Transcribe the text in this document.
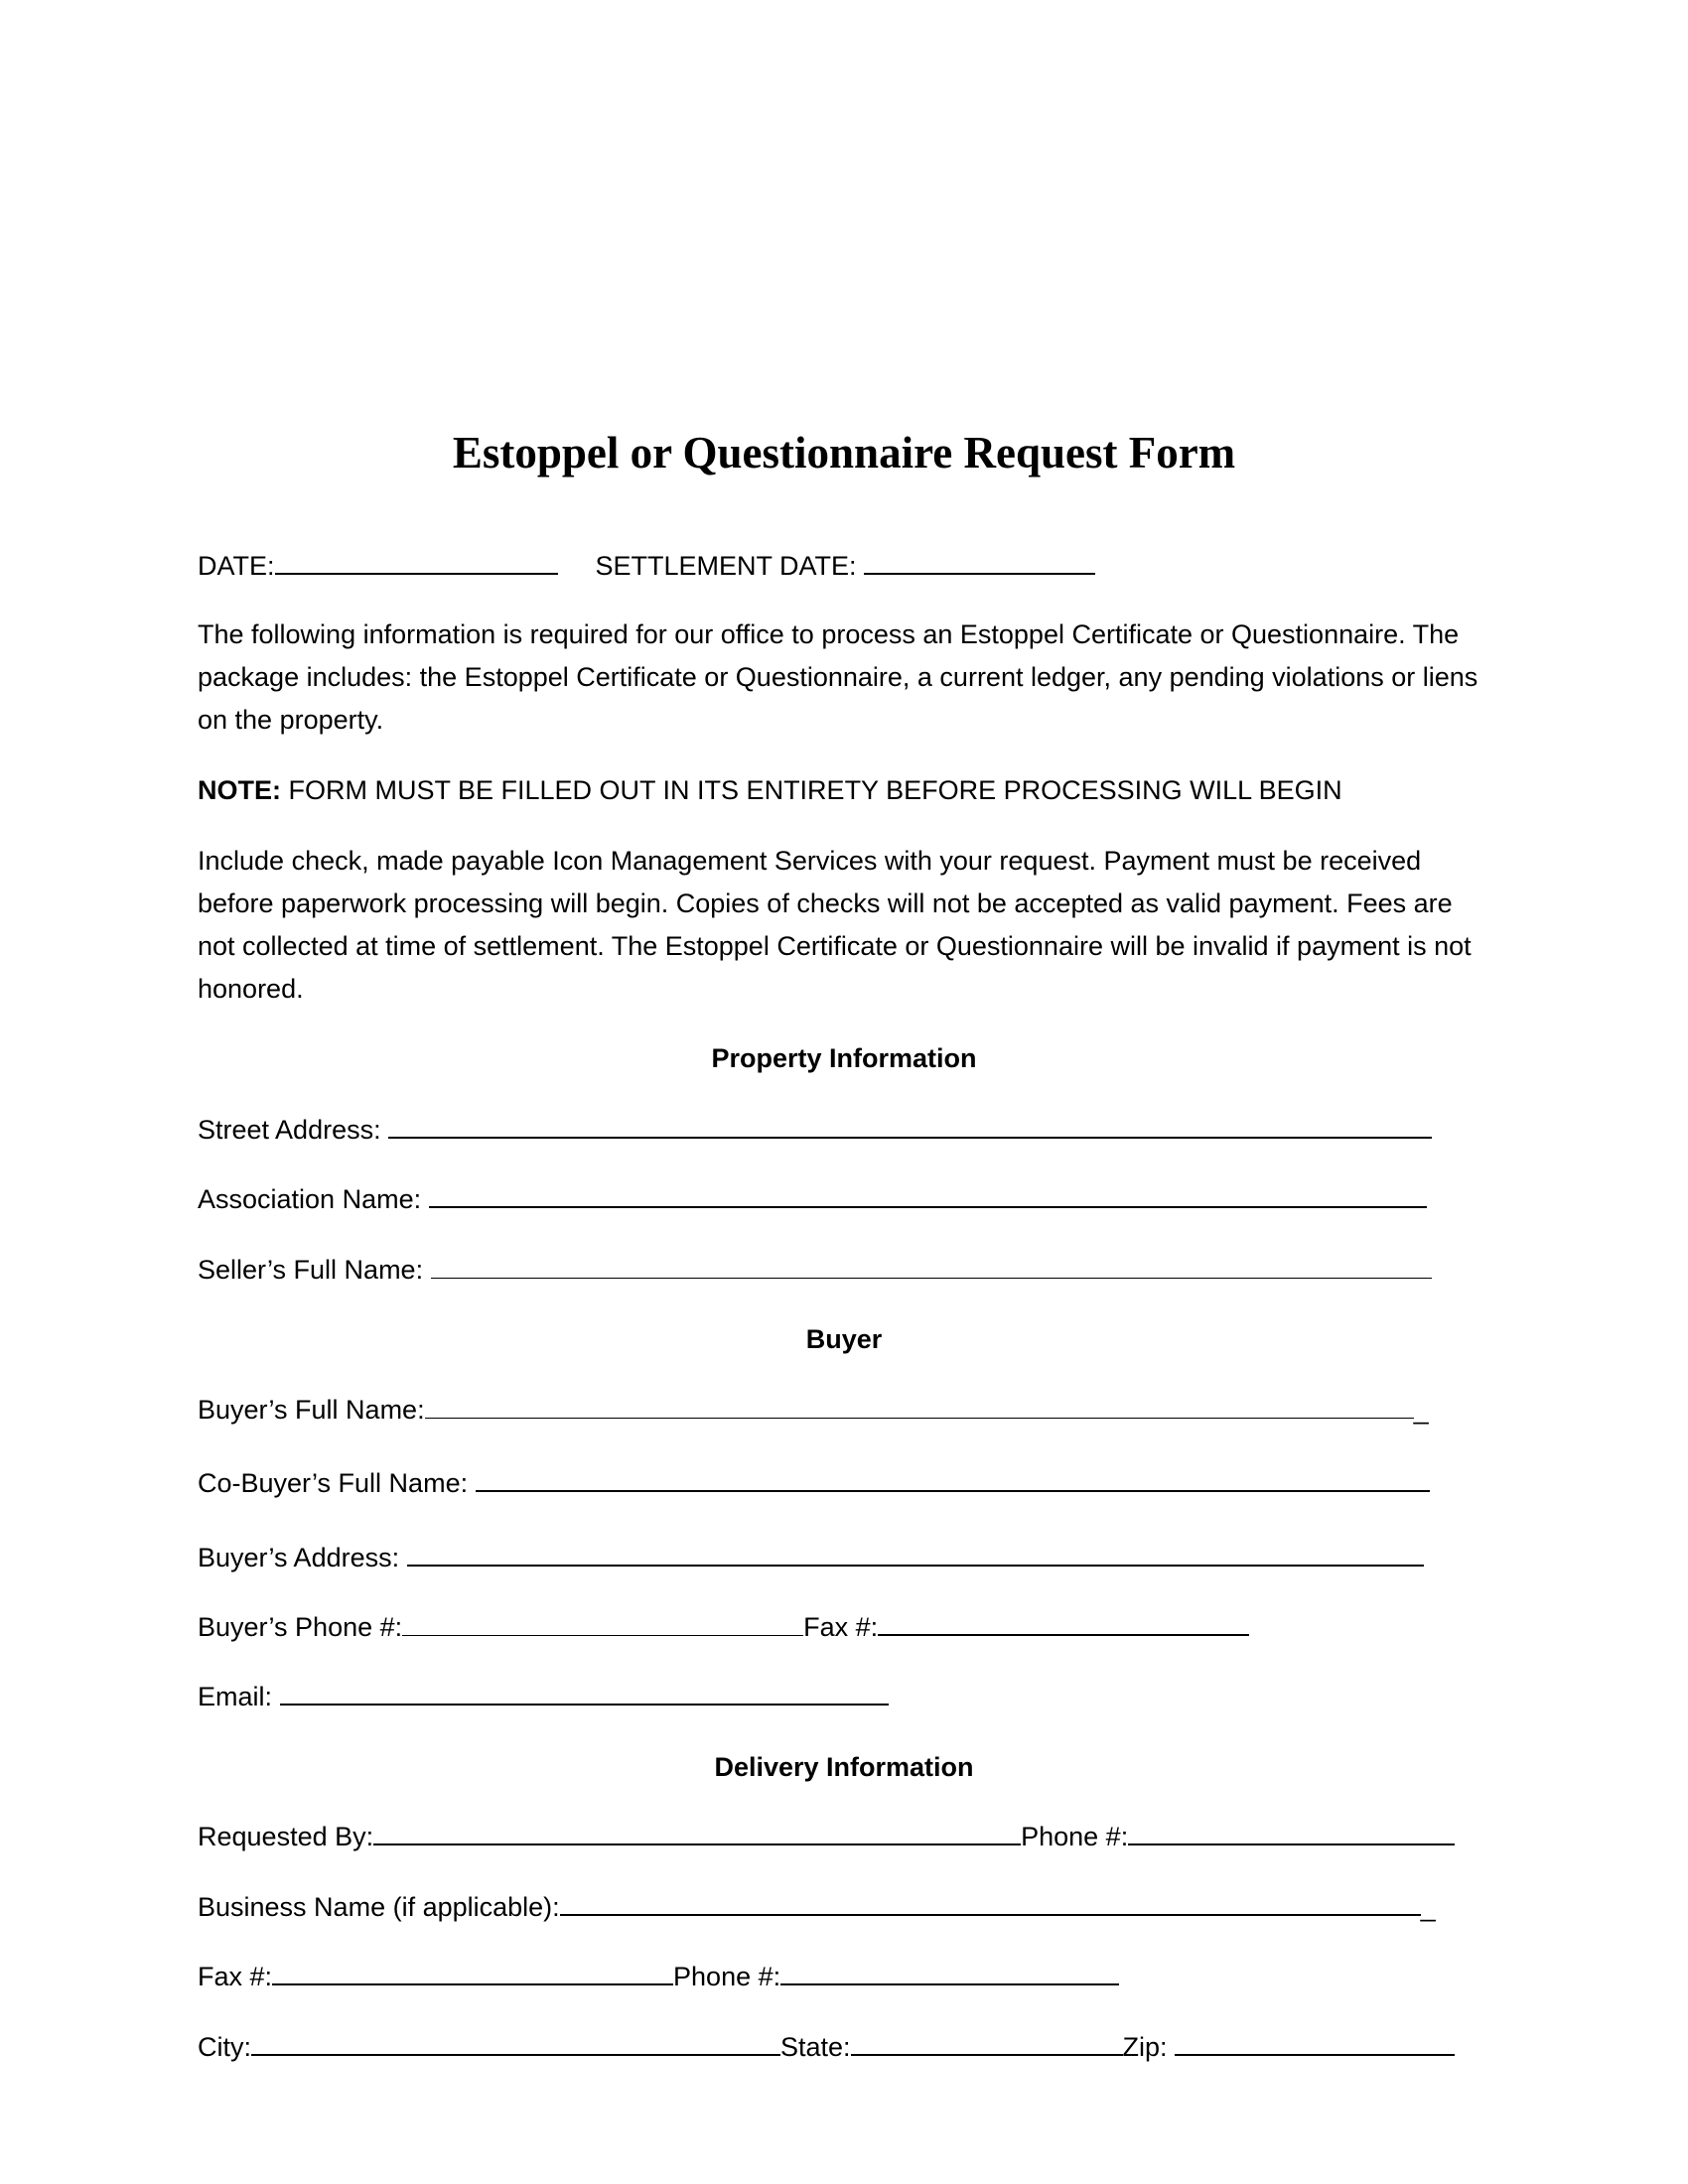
Estoppel or Questionnaire Request Form
DATE:	SETTLEMENT DATE:
The following information is required for our office to process an Estoppel Certificate or Questionnaire. The package includes: the Estoppel Certificate or Questionnaire, a current ledger, any pending violations or liens on the property.
NOTE: FORM MUST BE FILLED OUT IN ITS ENTIRETY BEFORE PROCESSING WILL BEGIN
Include check, made payable Icon Management Services with your request. Payment must be received before paperwork processing will begin. Copies of checks will not be accepted as valid payment. Fees are not collected at time of settlement. The Estoppel Certificate or Questionnaire will be invalid if payment is not honored.
Property Information
Street Address:
Association Name:
Seller’s Full Name:
Buyer
Buyer’s Full Name:	_
Co-Buyer’s Full Name:
Buyer’s Address:
Buyer’s Phone #:	Fax #:
Email:
Delivery Information
Requested By:	Phone #:
Business Name (if applicable):	_
Fax #:	Phone #:
City:	State:	Zip:
